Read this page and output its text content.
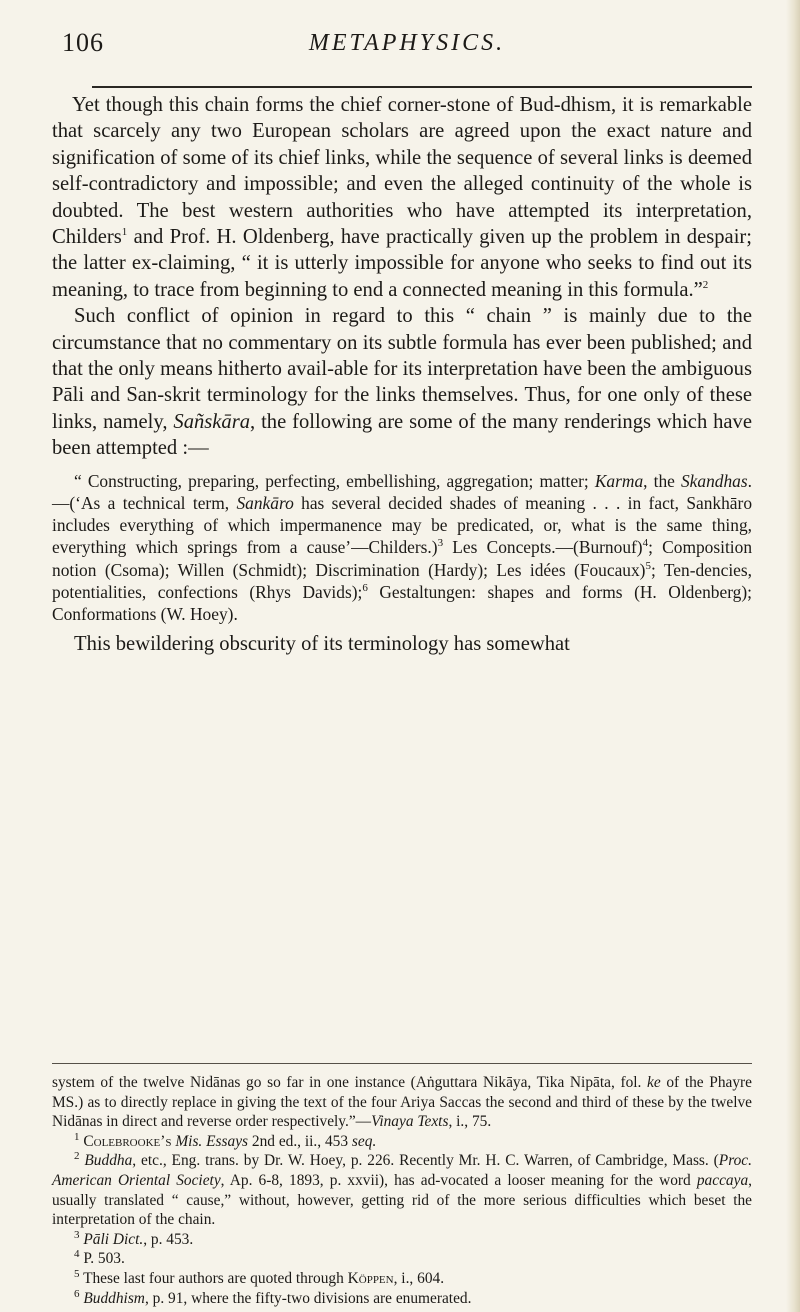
106	METAPHYSICS.

Yet though this chain forms the chief corner-stone of Bud-dhism, it is remarkable that scarcely any two European scholars are agreed upon the exact nature and signification of some of its chief links, while the sequence of several links is deemed self-contradictory and impossible; and even the alleged continuity of the whole is doubted. The best western authorities who have attempted its interpretation, Childers$^1$ and Prof. H. Oldenberg, have practically given up the problem in despair; the latter ex-claiming, “ it is utterly impossible for anyone who seeks to find out its meaning, to trace from beginning to end a connected meaning in this formula.”$^2$

Such conflict of opinion in regard to this “ chain ” is mainly due to the circumstance that no commentary on its subtle formula has ever been published; and that the only means hitherto avail-able for its interpretation have been the ambiguous Pāli and San-skrit terminology for the links themselves. Thus, for one only of these links, namely, Sañskāra, the following are some of the many renderings which have been attempted :—

“ Constructing, preparing, perfecting, embellishing, aggregation; matter; Karma, the Skandhas.—(‘As a technical term, Sankāro has several decided shades of meaning . . . in fact, Sankhāro includes everything of which impermanence may be predicated, or, what is the same thing, everything which springs from a cause’—Childers.)$^3$ Les Concepts.—(Burnouf)$^4$; Composition notion (Csoma); Willen (Schmidt); Discrimination (Hardy); Les idées (Foucaux)$^5$; Ten-dencies, potentialities, confections (Rhys Davids);$^6$ Gestaltungen: shapes and forms (H. Oldenberg); Conformations (W. Hoey).

This bewildering obscurity of its terminology has somewhat

system of the twelve Nidānas go so far in one instance (Aṅguttara Nikāya, Tika Nipāta, fol. ke of the Phayre MS.) as to directly replace in giving the text of the four Ariya Saccas the second and third of these by the twelve Nidānas in direct and reverse order respectively.”—Vinaya Texts, i., 75.

$^1$ Colebrooke’s Mis. Essays 2nd ed., ii., 453 seq.

$^2$ Buddha, etc., Eng. trans. by Dr. W. Hoey, p. 226. Recently Mr. H. C. Warren, of Cambridge, Mass. (Proc. American Oriental Society, Ap. 6-8, 1893, p. xxvii), has ad-vocated a looser meaning for the word paccaya, usually translated “ cause,” without, however, getting rid of the more serious difficulties which beset the interpretation of the chain.

$^3$ Pāli Dict., p. 453.

$^4$ P. 503.

$^5$ These last four authors are quoted through Köppen, i., 604.

$^6$ Buddhism, p. 91, where the fifty-two divisions are enumerated.
